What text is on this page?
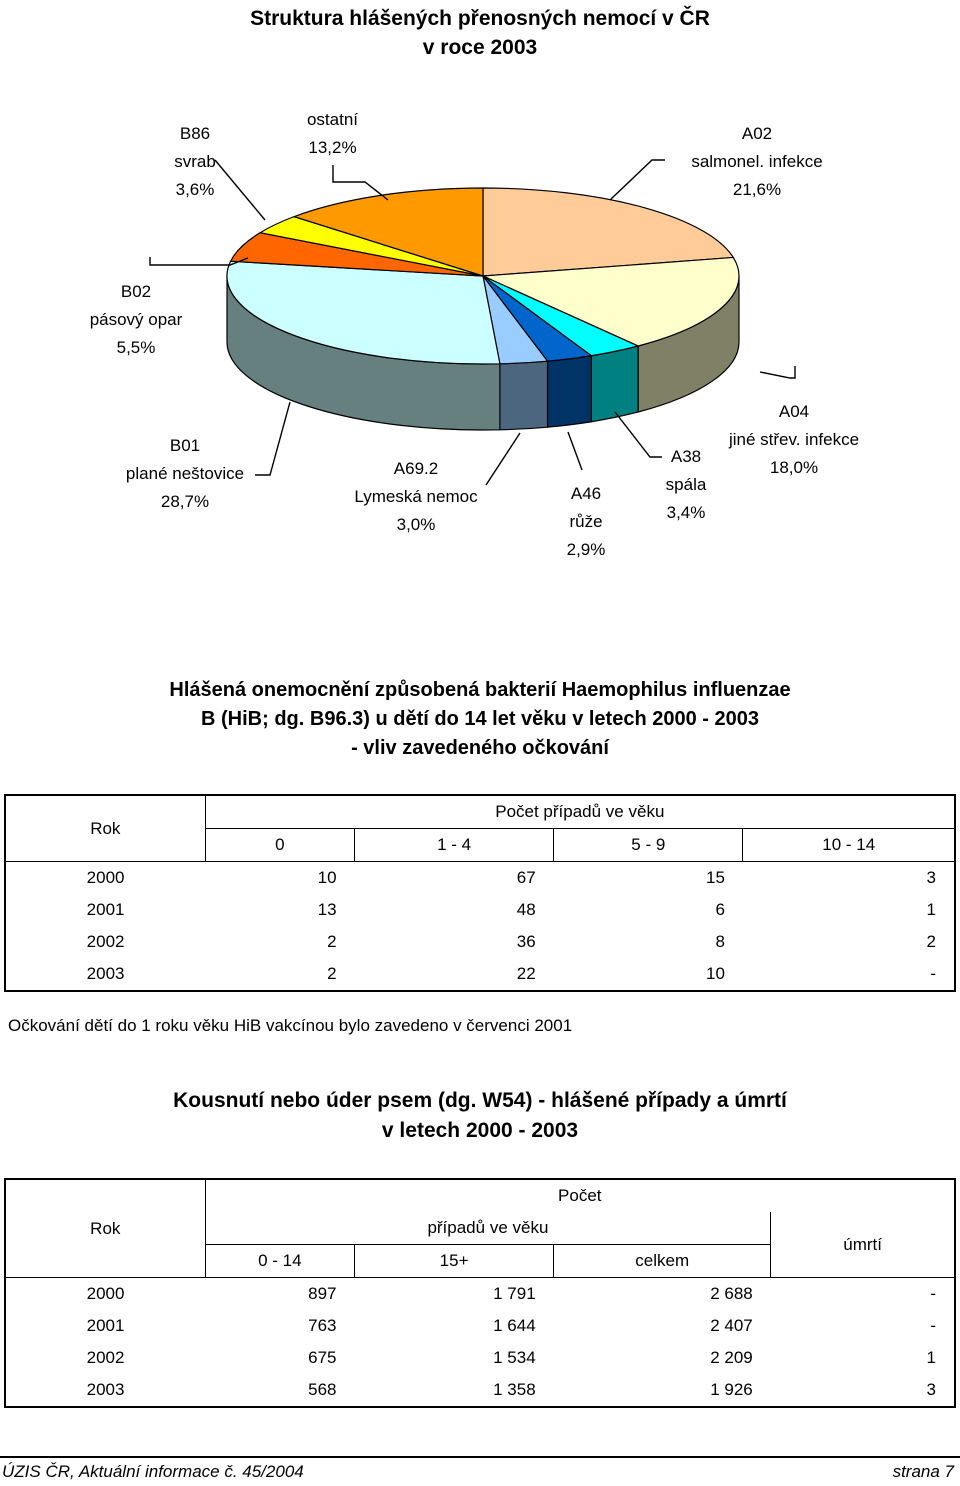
Struktura hlášených přenosných nemocí v ČR
v roce 2003
B86
svrab
3,6%
ostatní
13,2%
A02
salmonel. infekce
21,6%
B02
pásový opar
5,5%
A04
jiné střev. infekce
18,0%
B01
plané neštovice
28,7%
A69.2
Lymeská nemoc
3,0%
A46
růže
2,9%
A38
spála
3,4%
Hlášená onemocnění způsobená bakterií Haemophilus influenzae
B (HiB; dg. B96.3) u dětí do 14 let věku v letech 2000 - 2003
- vliv zavedeného očkování
Rok	Počet případů ve věku			
	0	1 - 4	5 - 9	10 - 14
2000	10	67	15	3
2001	13	48	6	1
2002	2	36	8	2
2003	2	22	10	-
Očkování dětí do 1 roku věku HiB vakcínou bylo zavedeno v červenci 2001
Kousnutí nebo úder psem (dg. W54) - hlášené případy a úmrtí
v letech 2000 - 2003
Rok	Počet			
	případů ve věku			úmrtí
	0 - 14	15+	celkem	
2000	897	1 791	2 688	-
2001	763	1 644	2 407	-
2002	675	1 534	2 209	1
2003	568	1 358	1 926	3
ÚZIS ČR, Aktuální informace č. 45/2004	strana 7
